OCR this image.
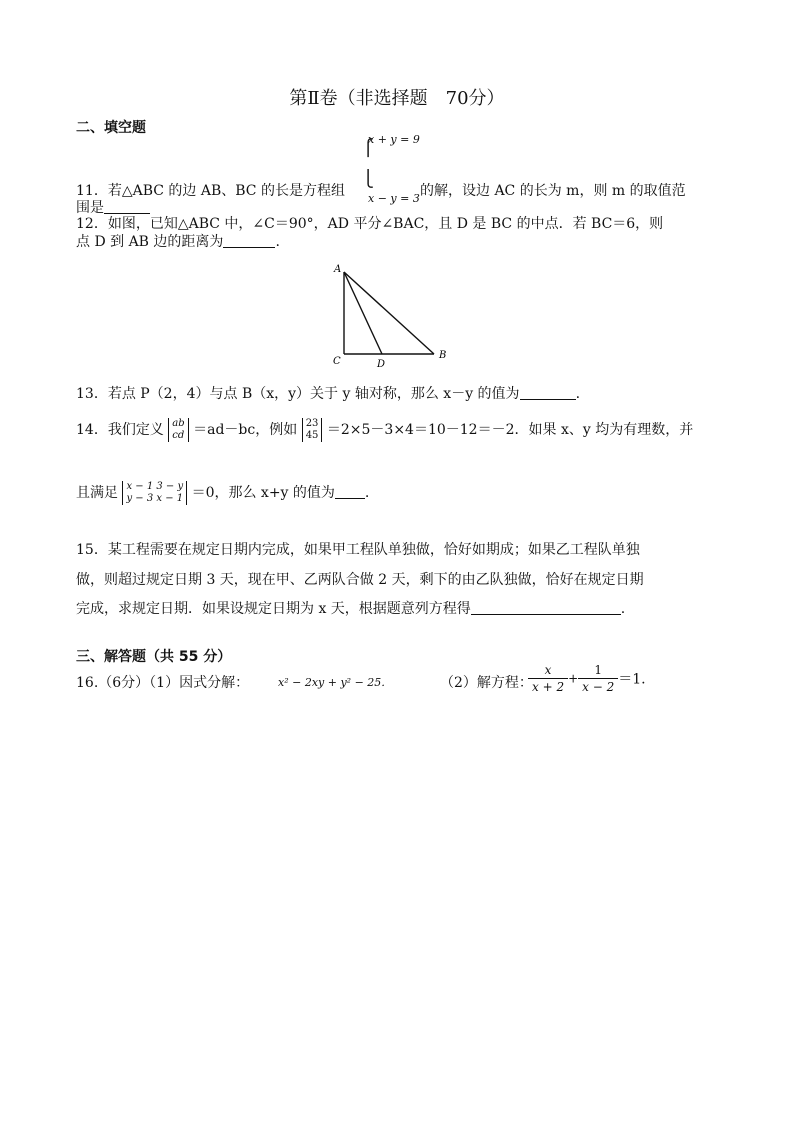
第Ⅱ卷（非选择题　70分）
二、填空题
x + y = 9
⎧
⎩
x − y = 3
11．若△ABC 的边 AB、BC 的长是方程组	的解，设边 AC 的长为 m，则 m 的取值范
围是
12．如图，已知△ABC 中，∠C＝90°，AD 平分∠BAC，且 D 是 BC 的中点．若 BC＝6，则
点 D 到 AB 边的距离为	.
A
C	D
B
13．若点 P（2，4）与点 B（x，y）关于 y 轴对称，那么 x－y 的值为	.
14．我们定义 ab
cd ＝ad－bc，例如 23
45 ＝2×5－3×4＝10－12＝－2．如果 x、y 均为有理数，并
且满足 x − 1 3 − y
y − 3 x − 1 ＝0，那么 x+y 的值为 .
15．某工程需要在规定日期内完成，如果甲工程队单独做，恰好如期成；如果乙工程队单独
做，则超过规定日期 3 天，现在甲、乙两队合做 2 天，剩下的由乙队独做，恰好在规定日期
完成，求规定日期．如果设规定日期为 x 天，根据题意列方程得	.
三、解答题（共 55 分）
16.（6分）（1）因式分解：	x² − 2xy + y² − 25．	（2）解方程：
$\frac{x}{x + 2} + \frac{1}{x - 2} =1$.
